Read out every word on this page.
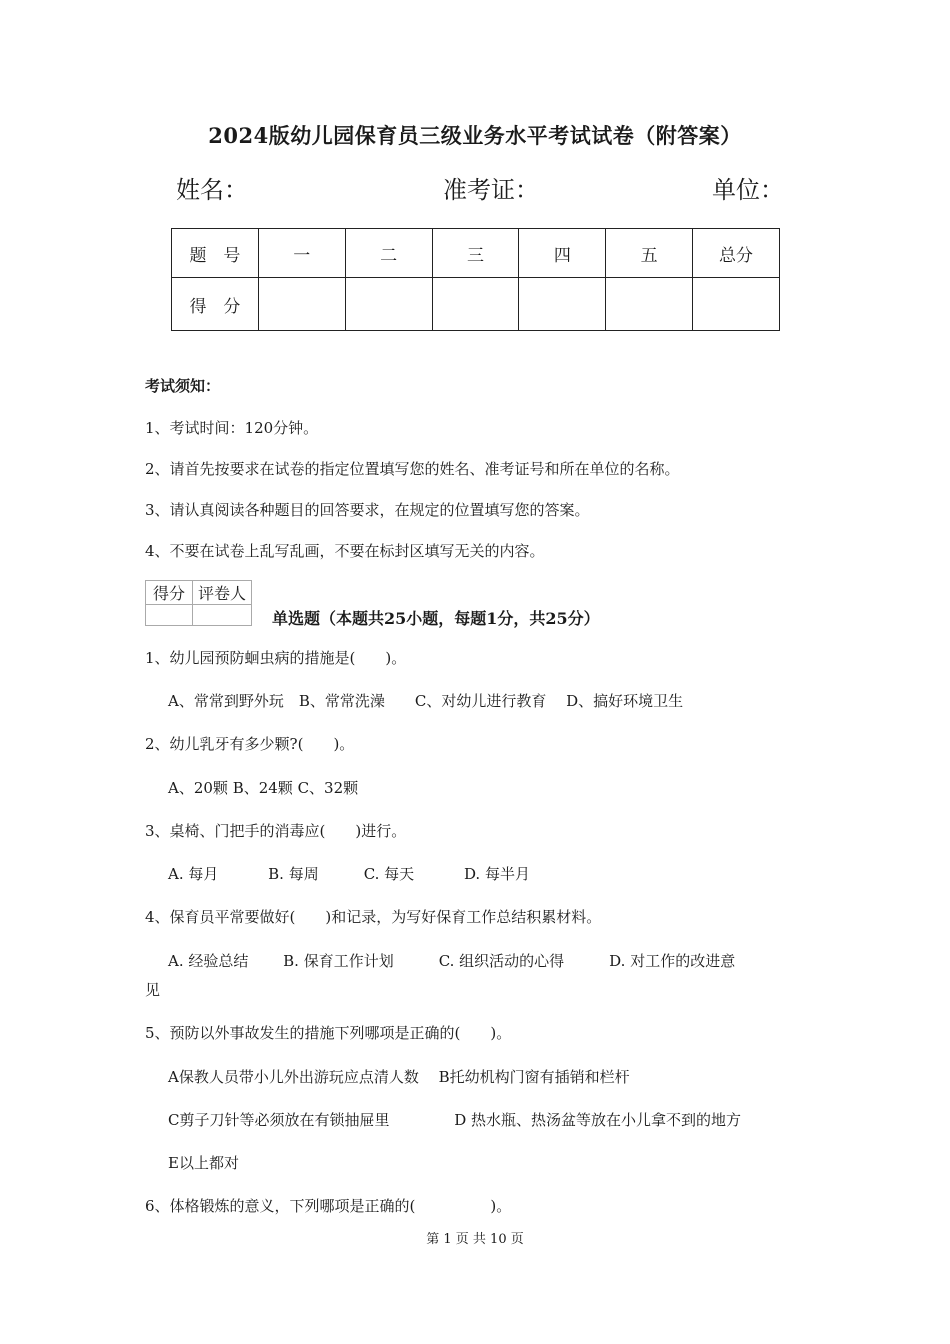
2024版幼儿园保育员三级业务水平考试试卷（附答案）
姓名：	准考证：	单位：
题　号	一	二	三	四	五	总分
得　分						
考试须知：
1、考试时间：120分钟。
2、请首先按要求在试卷的指定位置填写您的姓名、准考证号和所在单位的名称。
3、请认真阅读各种题目的回答要求，在规定的位置填写您的答案。
4、不要在试卷上乱写乱画，不要在标封区填写无关的内容。
得分	评卷人

单选题（本题共25小题，每题1分，共25分）
1、幼儿园预防蛔虫病的措施是(　　)。
A、常常到野外玩　B、常常洗澡　　C、对幼儿进行教育　 D、搞好环境卫生
2、幼儿乳牙有多少颗?(　　)。
A、20颗 B、24颗 C、32颗
3、桌椅、门把手的消毒应(　　)进行。
A. 每月　　　 B. 每周　　　C. 每天　　　 D. 每半月
4、保育员平常要做好(　　)和记录，为写好保育工作总结积累材料。
A. 经验总结　　 B. 保育工作计划　　　C. 组织活动的心得　　　D. 对工作的改进意
见
5、预防以外事故发生的措施下列哪项是正确的(　　)。
A保教人员带小儿外出游玩应点清人数　 B托幼机构门窗有插销和栏杆
C剪子刀针等必须放在有锁抽屉里　　　　 D 热水瓶、热汤盆等放在小儿拿不到的地方
E以上都对
6、体格锻炼的意义，下列哪项是正确的(　　　　　)。
第 1 页 共 10 页
